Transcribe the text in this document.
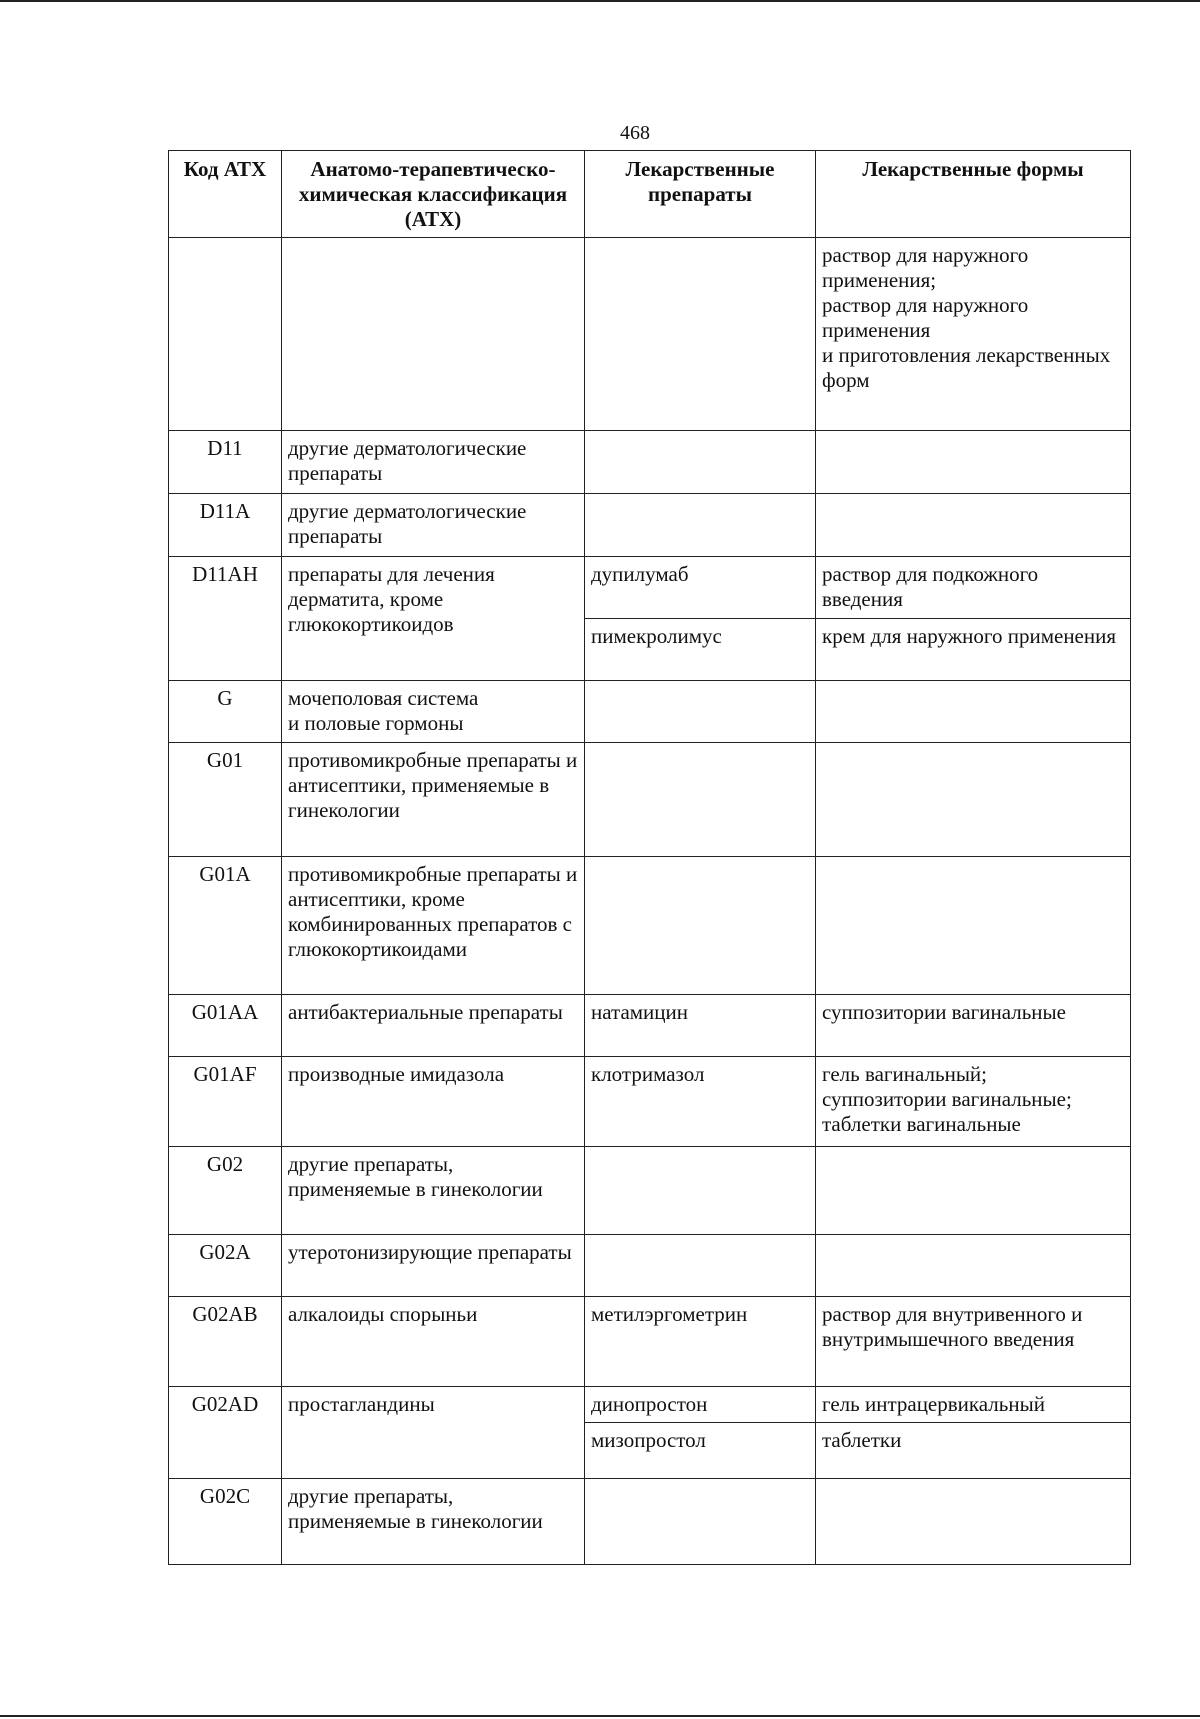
468
Код АТХ	Анатомо-терапевтическо-химическая классификация (АТХ)	Лекарственные препараты	Лекарственные формы

			раствор для наружного применения;
раствор для наружного применения
и приготовления лекарственных форм

D11	другие дерматологические препараты		
D11A	другие дерматологические препараты		
D11AH	препараты для лечения дерматита, кроме глюкокортикоидов	дупилумаб	раствор для подкожного введения
		пимекролимус	крем для наружного применения
G	мочеполовая система
и половые гормоны		

G01	противомикробные препараты и антисептики, применяемые в гинекологии		
G01A	противомикробные препараты и антисептики, кроме комбинированных препаратов с глюкокортикоидами		
G01AA	антибактериальные препараты	натамицин	суппозитории вагинальные
G01AF	производные имидазола	клотримазол	гель вагинальный;
суппозитории вагинальные;
таблетки вагинальные

G02	другие препараты, применяемые в гинекологии		
G02A	утеротонизирующие препараты		
G02AB	алкалоиды спорыньи	метилэргометрин	раствор для внутривенного и внутримышечного введения
G02AD	простагландины	динопростон	гель интрацервикальный
		мизопростол	таблетки
G02C	другие препараты, применяемые в гинекологии		
